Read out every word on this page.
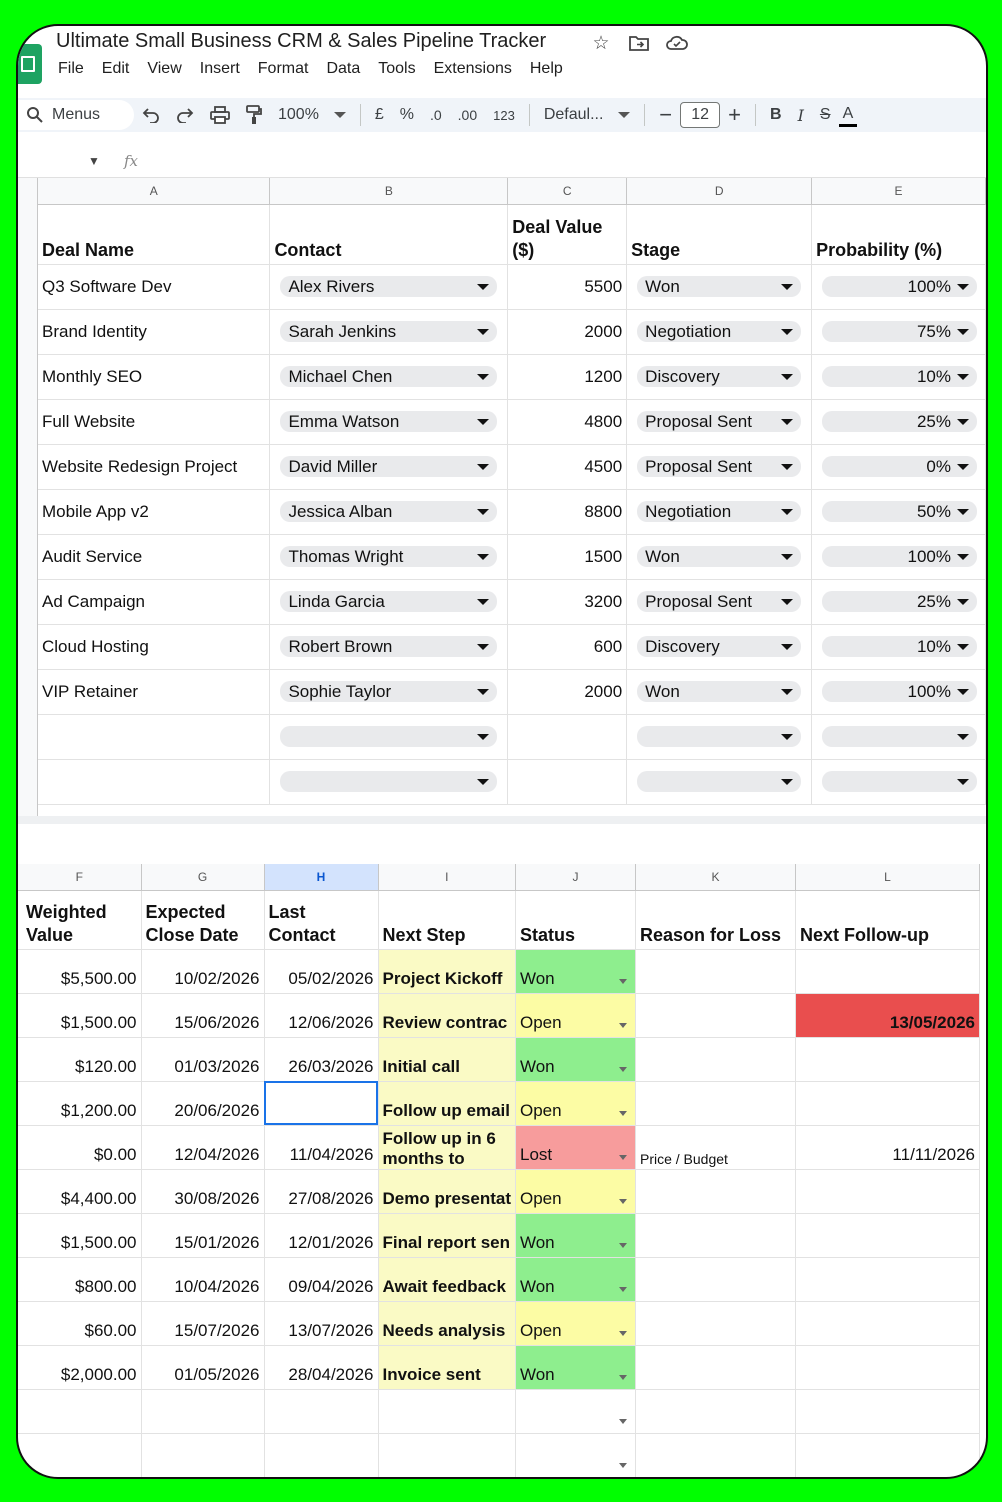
Ultimate Small Business CRM & Sales Pipeline Tracker ☆
File Edit View Insert Format Data Tools Extensions Help
Menus	100%
	£	%	.0	.00	123	Defaul...
	−	12 +	B	I	S A
▼ fx
A	B	C	D	E
Deal Name	Contact	Deal Value ($)	Stage	Probability (%)
Q3 Software Dev	Alex Rivers	5500	Won	100%

Brand Identity	Sarah Jenkins	2000	Negotiation	75%

Monthly SEO	Michael Chen	1200	Discovery	10%

Full Website	Emma Watson	4800	Proposal Sent	25%

Website Redesign Project	David Miller	4500	Proposal Sent	0%

Mobile App v2	Jessica Alban	8800	Negotiation	50%

Audit Service	Thomas Wright	1500	Won	100%

Ad Campaign	Linda Garcia	3200	Proposal Sent	25%

Cloud Hosting	Robert Brown	600	Discovery	10%

VIP Retainer	Sophie Taylor	2000	Won	100%

F	G	H	I	J	K	L
Weighted Value	Expected Close Date	Last Contact	Next Step	Status	Reason for Loss	Next Follow-up
$5,500.00	10/02/2026	05/02/2026	Project Kickoff	Won

$1,500.00	15/06/2026	12/06/2026	Review contrac	Open		13/05/2026
$120.00	01/03/2026	26/03/2026	Initial call	Won

$1,200.00	20/06/2026		Follow up email	Open

$0.00	12/04/2026	11/04/2026	Follow up in 6 months to	Lost	Price / Budget	11/11/2026
$4,400.00	30/08/2026	27/08/2026	Demo presentat	Open

$1,500.00	15/01/2026	12/01/2026	Final report sen	Won

$800.00	10/04/2026	09/04/2026	Await feedback	Won

$60.00	15/07/2026	13/07/2026	Needs analysis	Open

$2,000.00	01/05/2026	28/04/2026	Invoice sent	Won
